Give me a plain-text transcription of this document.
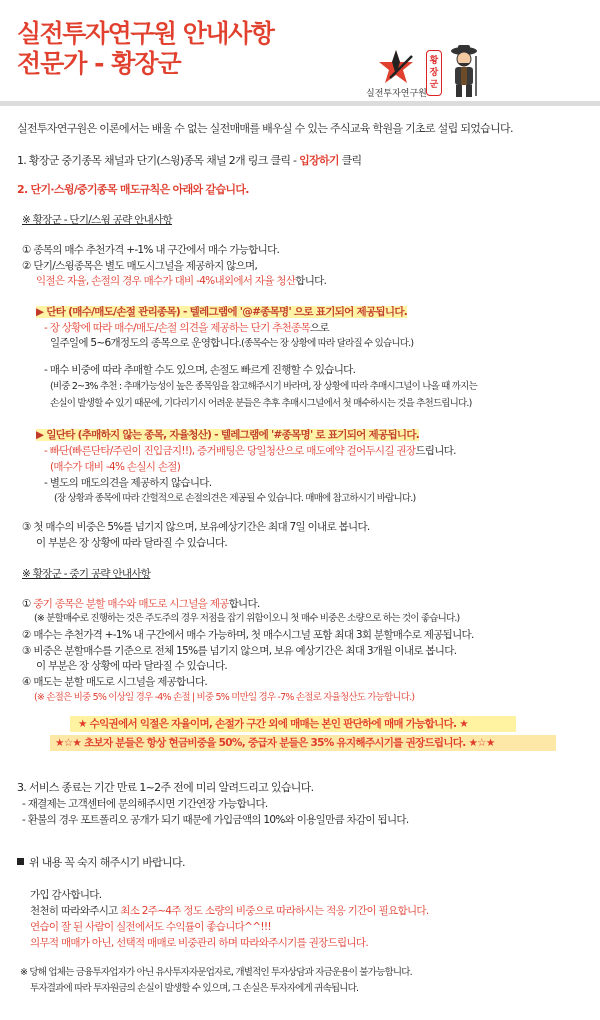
실전투자연구원 안내사항
전문가 - 황장군
실전투자연구원
황
장
군
실전투자연구원은 이론에서는 배울 수 없는 실전매매를 배우실 수 있는 주식교육 학원을 기초로 설립 되었습니다.
1. 황장군 중기종목 채널과 단기(스윙)종목 채널 2개 링크 클릭 - 입장하기 클릭
2. 단기·스윙/중기종목 매도규칙은 아래와 같습니다.
※ 황장군 - 단기/스윙 공략 안내사항
① 종목의 매수 추천가격 +-1% 내 구간에서 매수 가능합니다.
② 단기/스윙종목은 별도 매도시그널을 제공하지 않으며,
익절은 자율, 손절의 경우 매수가 대비 -4%내외에서 자율 청산합니다.
▶ 단타 (매수/매도/손절 관리종목) - 텔레그램에 '@#종목명' 으로 표기되어 제공됩니다.
- 장 상황에 따라 매수/매도/손절 의견을 제공하는 단기 추천종목으로
일주일에 5~6개정도의 종목으로 운영합니다.(종목수는 장 상황에 따라 달라질 수 있습니다.)
- 매수 비중에 따라 추매할 수도 있으며, 손절도 빠르게 진행할 수 있습니다.
(비중 2~3% 추천 : 추매가능성이 높은 종목임을 참고해주시기 바라며, 장 상황에 따라 추매시그널이 나올 때 까지는
손실이 발생할 수 있기 때문에, 기다리기시 어려운 분들은 추후 추매시그널에서 첫 매수하시는 것을 추천드립니다.)
▶ 일단타 (추매하지 않는 종목, 자율청산) - 텔레그램에 '#종목명' 로 표기되어 제공됩니다.
- 빠단(빠른단타/주린이 진입금지!!), 증거배팅은 당일청산으로 매도예약 걸어두시길 권장드립니다.
(매수가 대비 -4% 손실시 손절)
- 별도의 매도의견을 제공하지 않습니다.
(장 상황과 종목에 따라 간헐적으로 손절의견은 제공될 수 있습니다. 매매에 참고하시기 바랍니다.)
③ 첫 매수의 비중은 5%를 넘기지 않으며, 보유예상기간은 최대 7일 이내로 봅니다.
이 부분은 장 상황에 따라 달라질 수 있습니다.
※ 황장군 - 중기 공략 안내사항
① 중기 종목은 분할 매수와 매도로 시그널을 제공합니다.
(※ 분할매수로 진행하는 것은 주도주의 경우 저점을 잡기 위함이오니 첫 매수 비중은 소량으로 하는 것이 좋습니다.)
② 매수는 추천가격 +-1% 내 구간에서 매수 가능하며, 첫 매수시그널 포함 최대 3회 분할매수로 제공됩니다.
③ 비중은 분할매수를 기준으로 전체 15%를 넘기지 않으며, 보유 예상기간은 최대 3개월 이내로 봅니다.
이 부분은 장 상황에 따라 달라질 수 있습니다.
④ 매도는 분할 매도로 시그널을 제공합니다.
(※ 손절은 비중 5% 이상일 경우 -4% 손절 | 비중 5% 미만일 경우 -7% 손절로 자율청산도 가능합니다.)
★ 수익권에서 익절은 자율이며, 손절가 구간 외에 매매는 본인 판단하에 매매 가능합니다. ★
★☆★ 초보자 분들은 항상 현금비중을 50%, 중급자 분들은 35% 유지해주시기를 권장드립니다. ★☆★
3. 서비스 종료는 기간 만료 1~2주 전에 미리 알려드리고 있습니다.
- 재결제는 고객센터에 문의해주시면 기간연장 가능합니다.
- 환불의 경우 포트폴리오 공개가 되기 때문에 가입금액의 10%와 이용일만큼 차감이 됩니다.
위 내용 꼭 숙지 해주시기 바랍니다.
가입 감사합니다.
천천히 따라와주시고 최소 2주~4주 정도 소량의 비중으로 따라하시는 적응 기간이 필요합니다.
연습이 잘 된 사람이 실전에서도 수익률이 좋습니다^^!!!
의무적 매매가 아닌, 선택적 매매로 비중관리 하며 따라와주시기를 권장드립니다.
※ 당해 업체는 금융투자업자가 아닌 유사투자자문업자로, 개별적인 투자상담과 자금운용이 불가능합니다.
투자결과에 따라 투자원금의 손실이 발생할 수 있으며, 그 손실은 투자자에게 귀속됩니다.
